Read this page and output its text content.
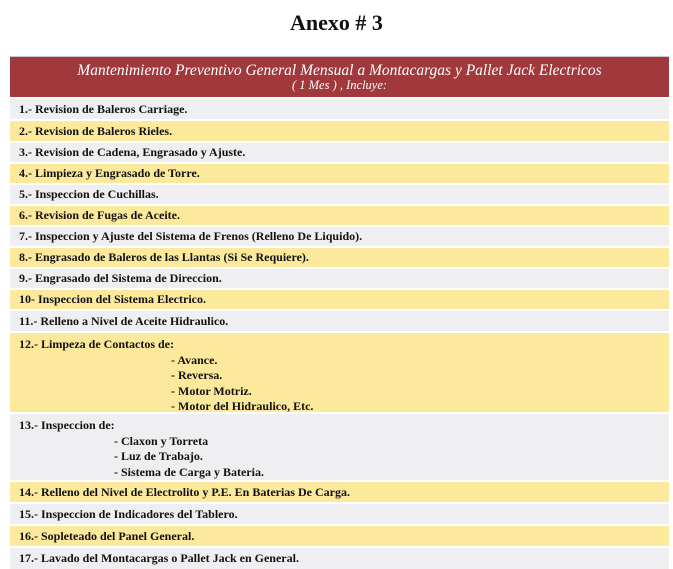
Anexo # 3
Mantenimiento Preventivo General Mensual a Montacargas y Pallet Jack Electricos
( 1 Mes ) , Incluye:
1.- Revision de Baleros Carriage.
2.- Revision de Baleros Rieles.
3.- Revision de Cadena, Engrasado y Ajuste.
4.- Limpieza y Engrasado de Torre.
5.- Inspeccion de Cuchillas.
6.- Revision de Fugas de Aceite.
7.- Inspeccion y Ajuste del Sistema de Frenos (Relleno De Liquido).
8.- Engrasado de Baleros de las Llantas (Si Se Requiere).
9.- Engrasado del Sistema de Direccion.
10- Inspeccion del Sistema Electrico.
11.- Relleno a Nivel de Aceite Hidraulico.
12.- Limpeza de Contactos de:
- Avance.
- Reversa.
- Motor Motriz.
- Motor del Hidraulico, Etc.
13.- Inspeccion de:
- Claxon y Torreta
- Luz de Trabajo.
- Sistema de Carga y Bateria.
14.- Relleno del Nivel de Electrolito y P.E. En Baterias De Carga.
15.- Inspeccion de Indicadores del Tablero.
16.- Sopleteado del Panel General.
17.- Lavado del Montacargas o Pallet Jack en General.
